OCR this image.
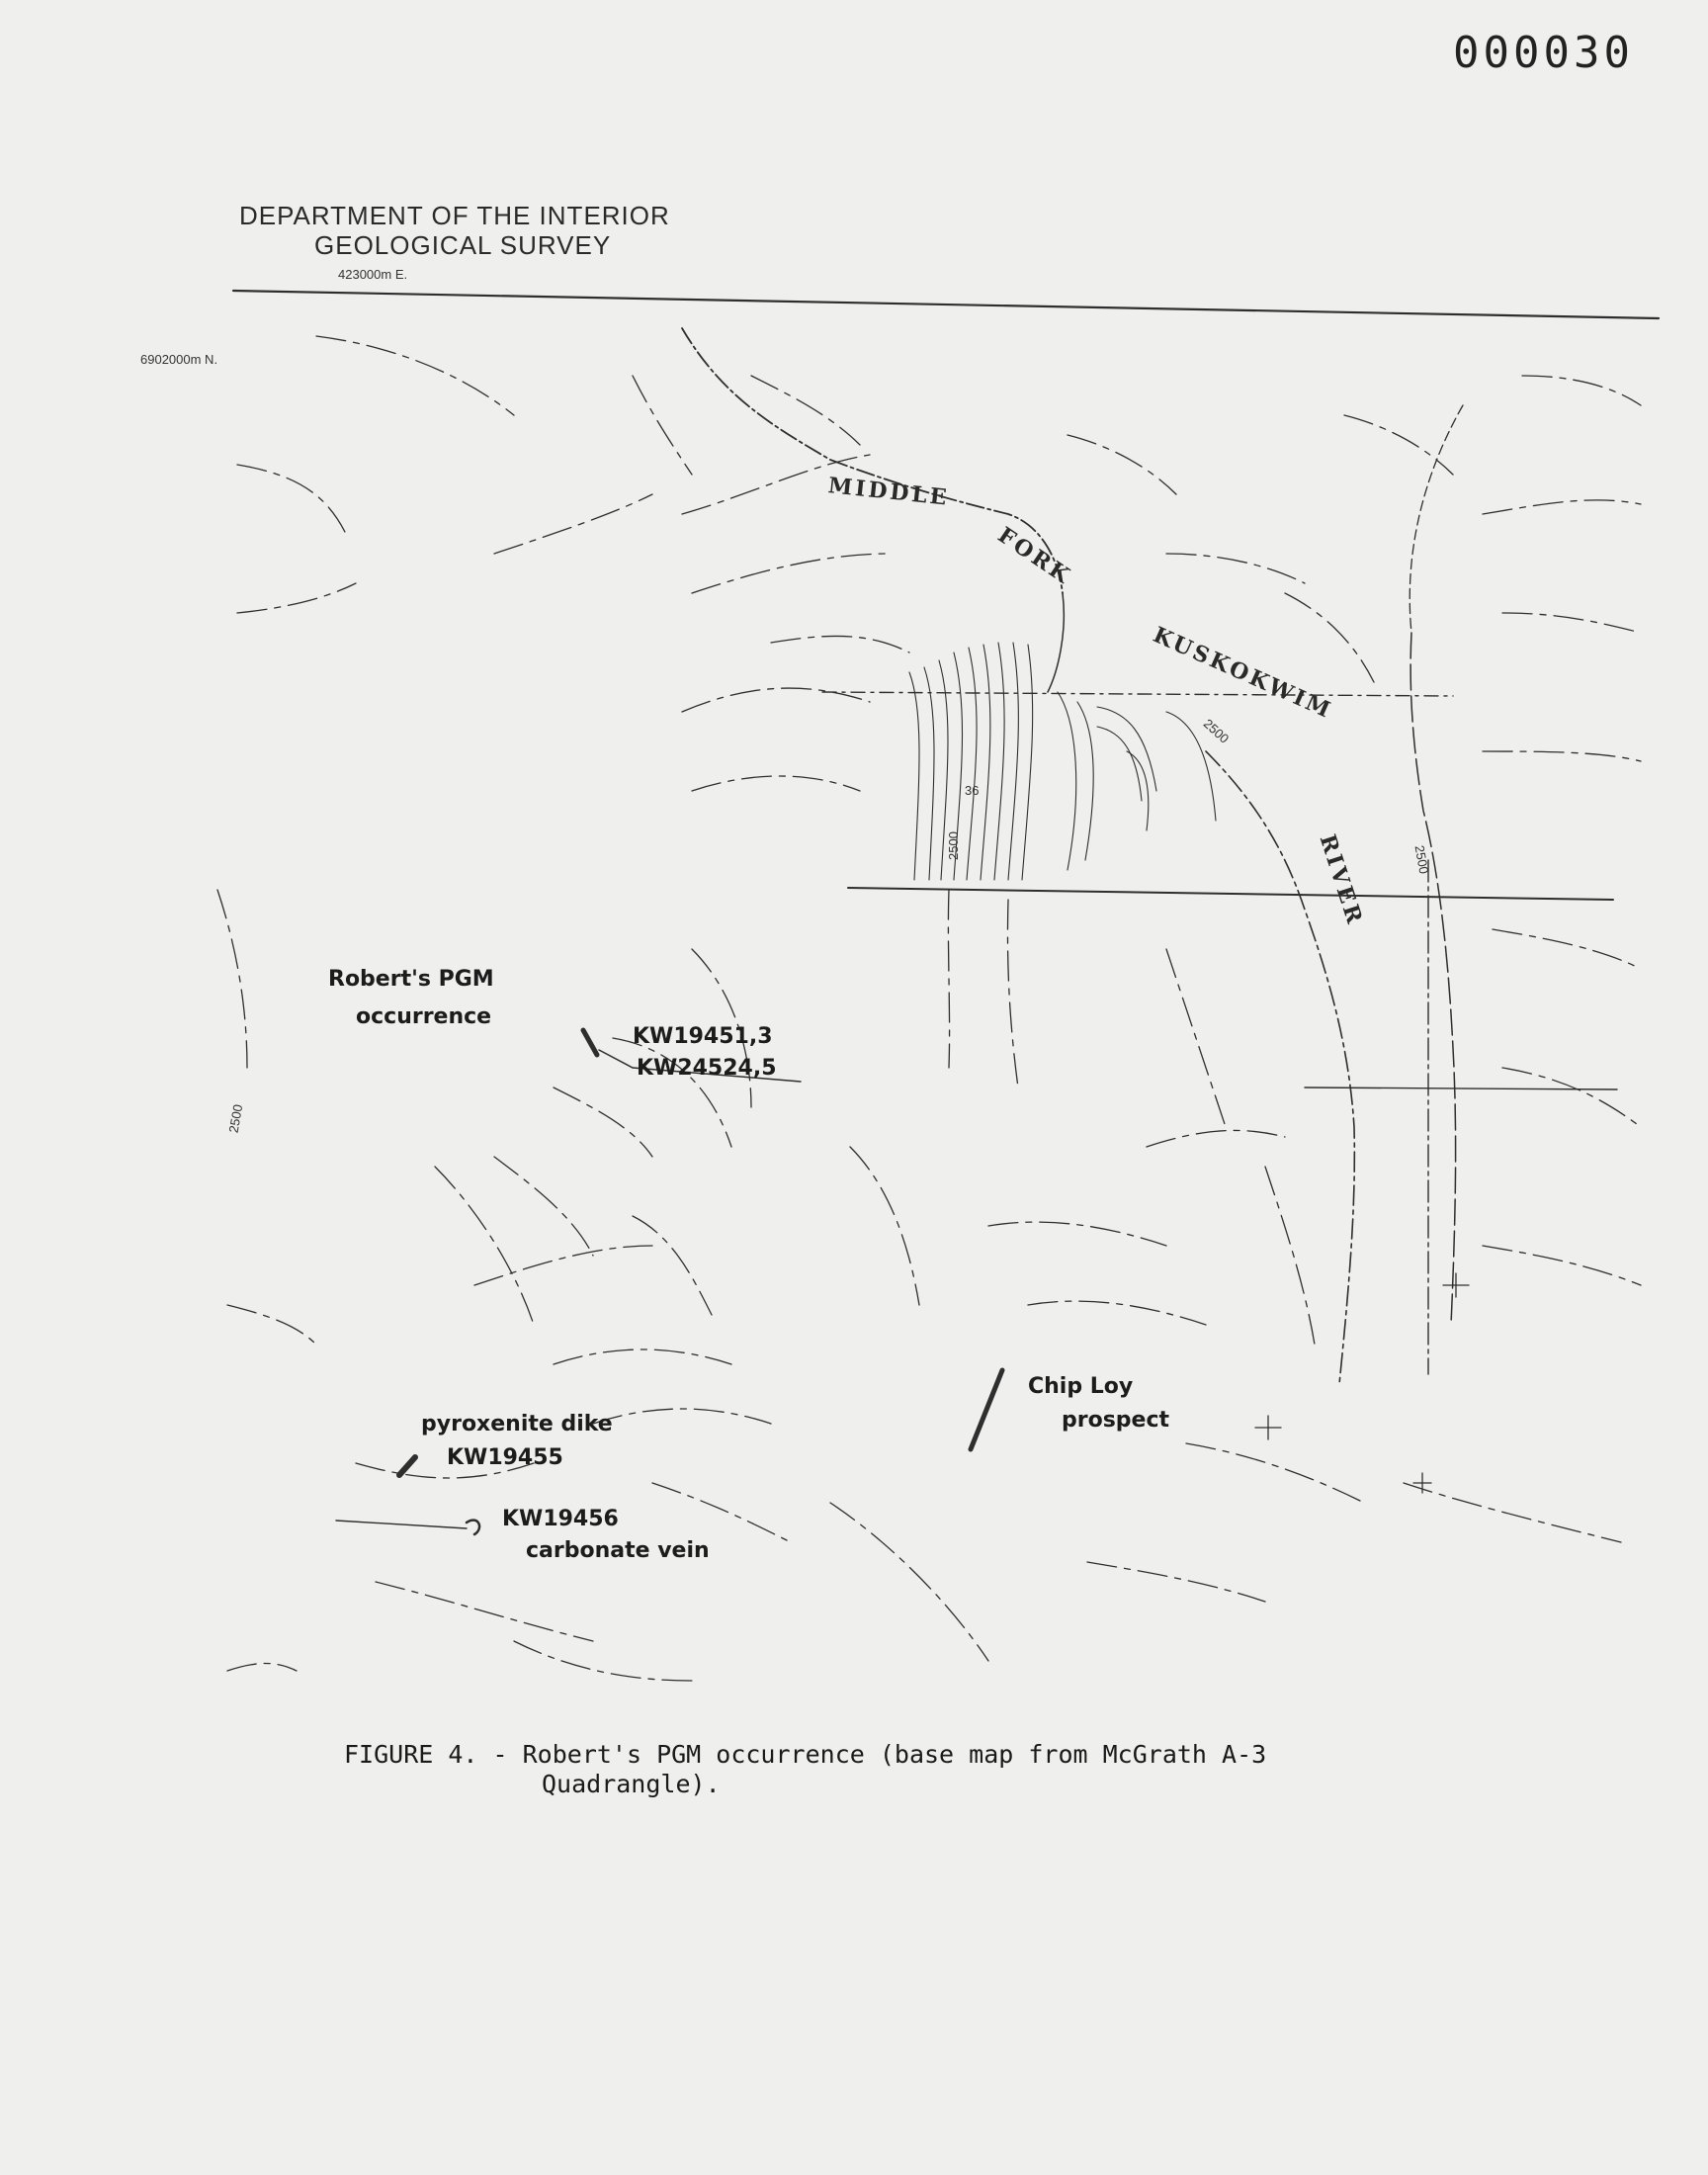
000030
DEPARTMENT OF THE INTERIOR
GEOLOGICAL SURVEY
423000m E.
6902000m N.
MIDDLE
FORK
KUSKOKWIM
RIVER
2500
2500
2500
2500
36
Robert's PGM
occurrence
KW19451,3
KW24524,5
pyroxenite dike
KW19455
KW19456
carbonate vein
Chip Loy
prospect
FIGURE 4. - Robert's PGM occurrence (base map from McGrath A-3
Quadrangle).
